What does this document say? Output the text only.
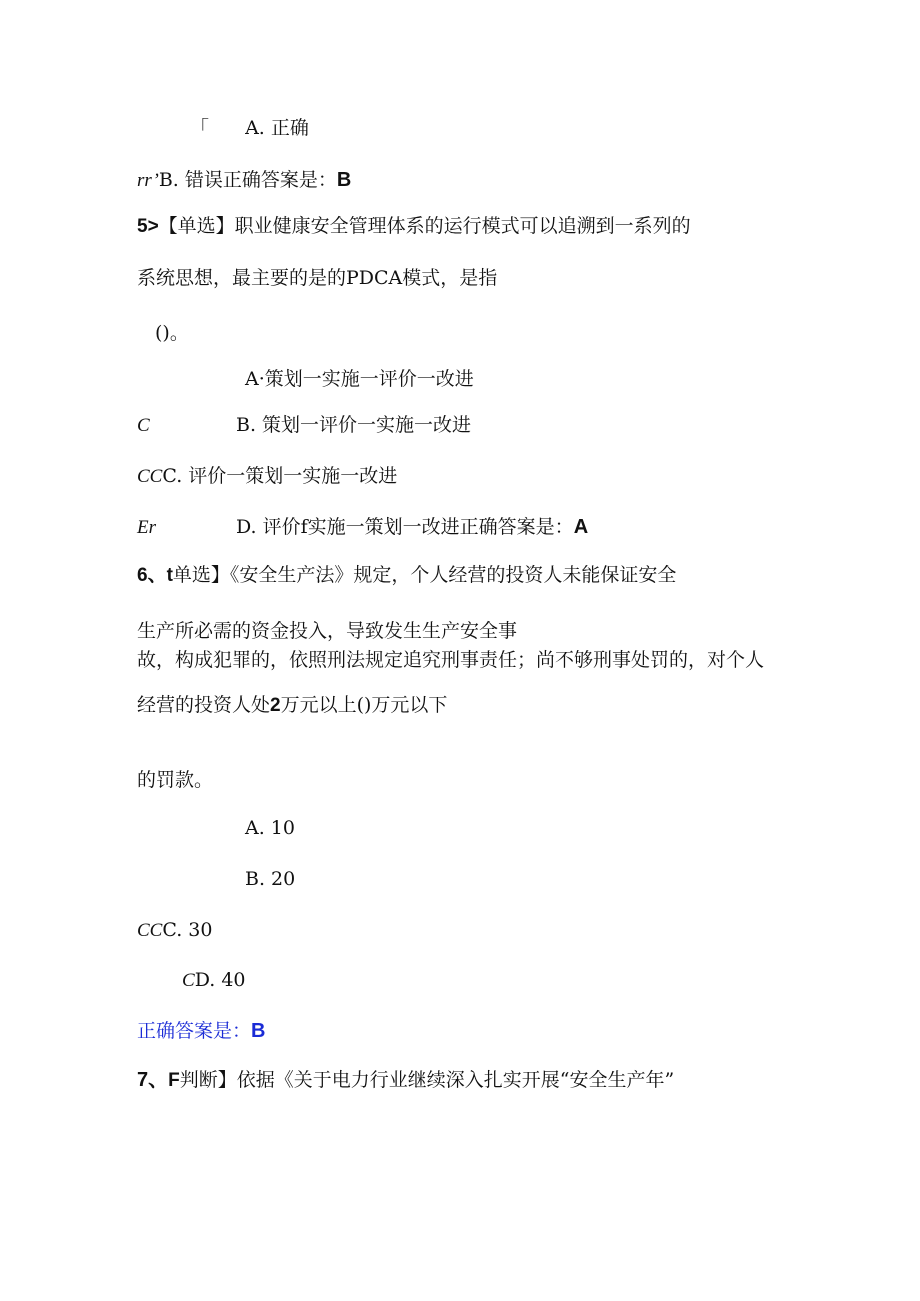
「 A. 正确
rr’B. 错误正确答案是：B
5>【单选】职业健康安全管理体系的运行模式可以追溯到一系列的
系统思想，最主要的是的PDCA模式，是指
()。
A·策划一实施一评价一改进
C	B. 策划一评价一实施一改进
CCC. 评价一策划一实施一改进
Er	D. 评价f实施一策划一改进正确答案是：A
6、t单选】《安全生产法》规定，个人经营的投资人未能保证安全
生产所必需的资金投入，导致发生生产安全事
故，构成犯罪的，依照刑法规定追究刑事责任；尚不够刑事处罚的，对个人
经营的投资人处2万元以上()万元以下
的罚款。
A. 10
B. 20
CCC. 30
CD. 40
正确答案是：B
7、F判断】依据《关于电力行业继续深入扎实开展“安全生产年”
